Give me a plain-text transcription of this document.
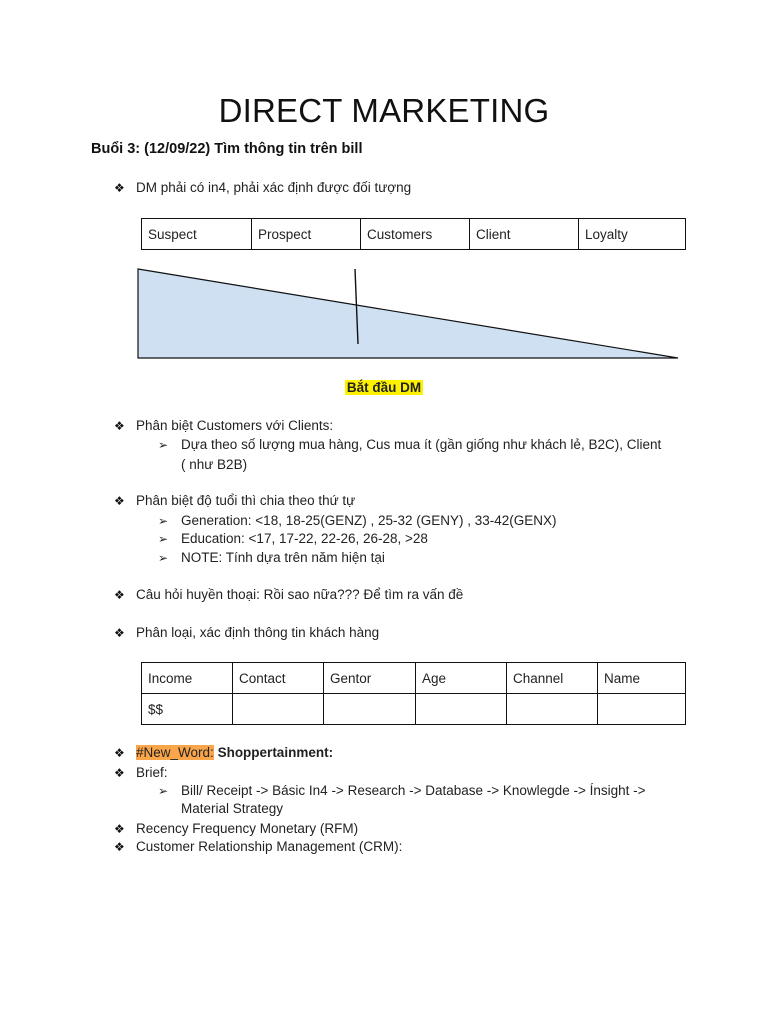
DIRECT MARKETING
Buổi 3: (12/09/22) Tìm thông tin trên bill
❖ DM phải có in4, phải xác định được đối tượng
Suspect	Prospect	Customers	Client	Loyalty
Bắt đầu DM
❖ Phân biệt Customers với Clients:
➢ Dựa theo số lượng mua hàng, Cus mua ít (gần giống như khách lẻ, B2C), Client
( như B2B)
❖ Phân biệt độ tuổi thì chia theo thứ tự
➢ Generation: <18, 18-25(GENZ) , 25-32 (GENY) , 33-42(GENX)
➢ Education: <17, 17-22, 22-26, 26-28, >28
➢ NOTE: Tính dựa trên năm hiện tại
❖ Câu hỏi huyền thoại: Rồi sao nữa??? Để tìm ra vấn đề
❖ Phân loại, xác định thông tin khách hàng
Income	Contact	Gentor	Age	Channel	Name
$$					
❖ #New_Word: Shoppertainment:
❖ Brief:
➢ Bill/ Receipt -> Básic In4 -> Research -> Database -> Knowlegde -> Ínsight ->
Material Strategy
❖ Recency Frequency Monetary (RFM)
❖ Customer Relationship Management (CRM):
